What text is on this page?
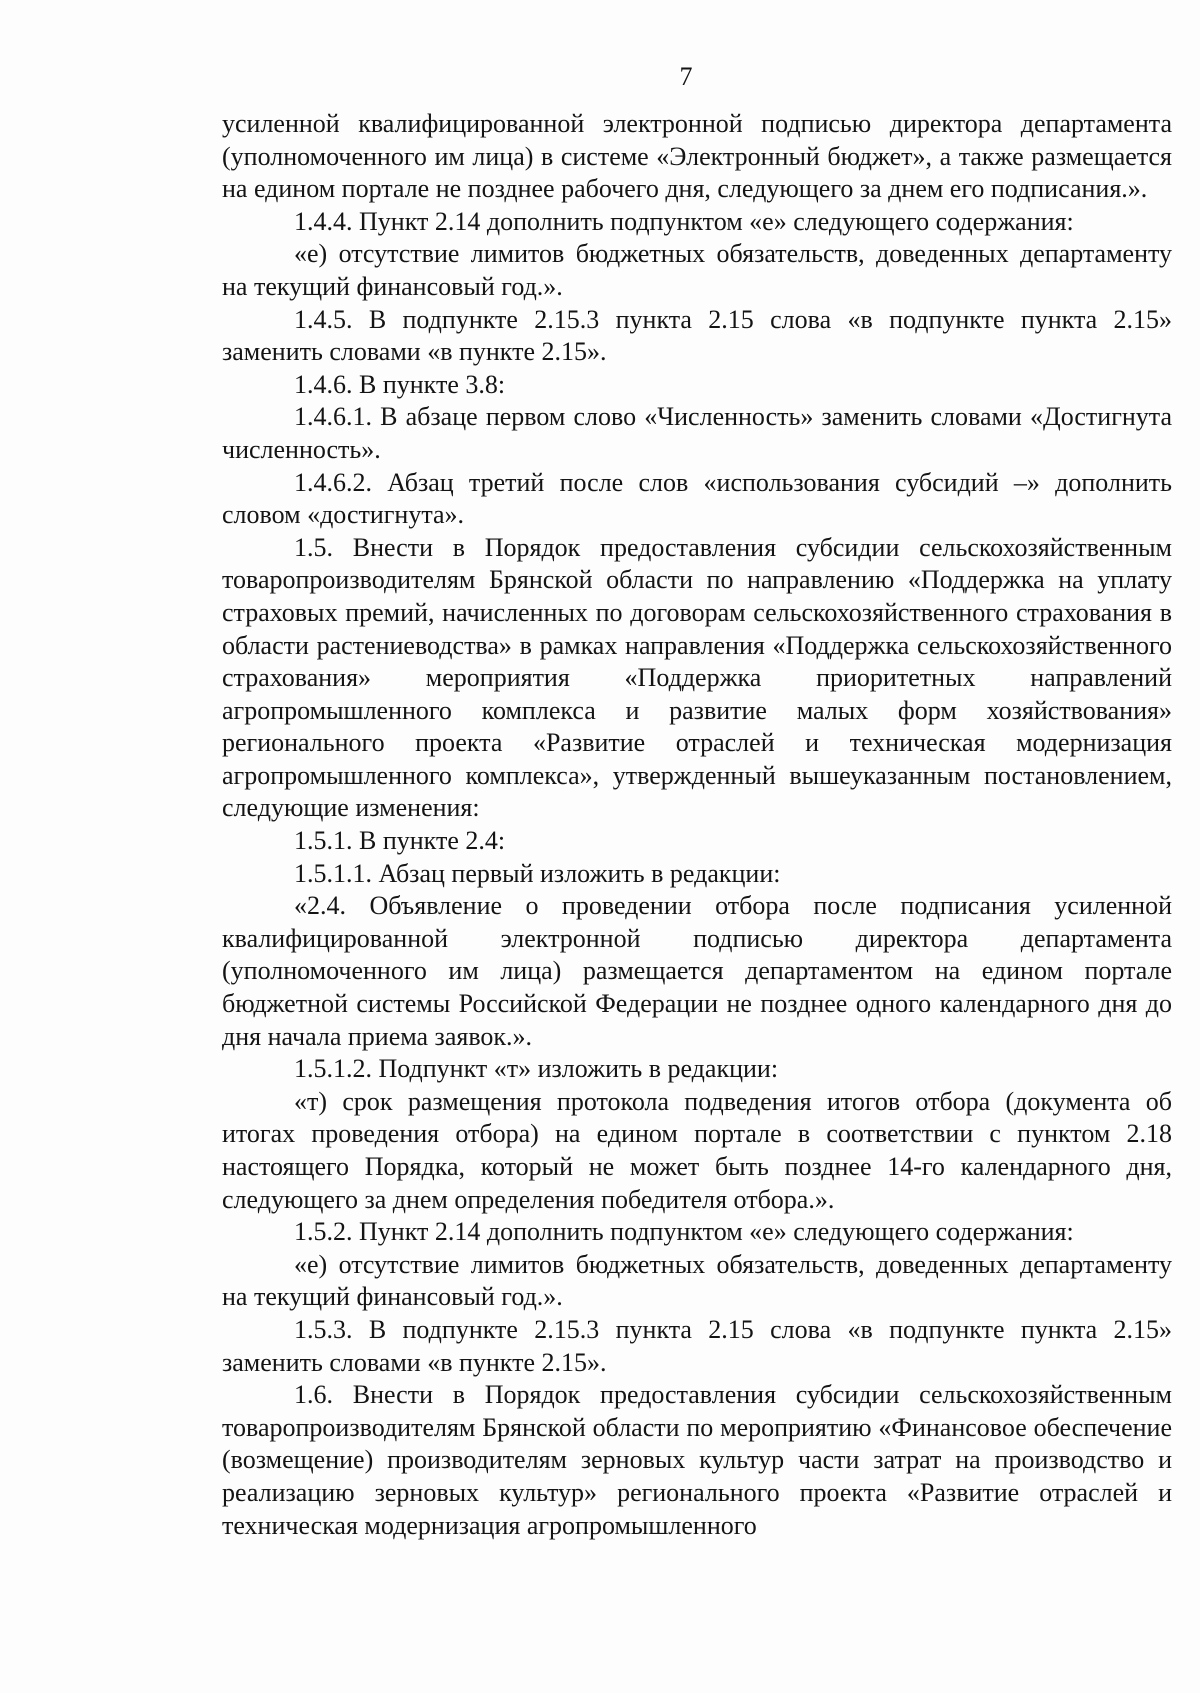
7

усиленной квалифицированной электронной подписью директора департамента (уполномоченного им лица) в системе «Электронный бюджет», а также размещается на едином портале не позднее рабочего дня, следующего за днем его подписания.».

1.4.4. Пункт 2.14 дополнить подпунктом «е» следующего содержания:

«е) отсутствие лимитов бюджетных обязательств, доведенных департаменту на текущий финансовый год.».

1.4.5. В подпункте 2.15.3 пункта 2.15 слова «в подпункте пункта 2.15» заменить словами «в пункте 2.15».

1.4.6. В пункте 3.8:

1.4.6.1. В абзаце первом слово «Численность» заменить словами «Достигнута численность».

1.4.6.2. Абзац третий после слов «использования субсидий –» дополнить словом «достигнута».

1.5. Внести в Порядок предоставления субсидии сельскохозяйственным товаропроизводителям Брянской области по направлению «Поддержка на уплату страховых премий, начисленных по договорам сельскохозяйственного страхования в области растениеводства» в рамках направления «Поддержка сельскохозяйственного страхования» мероприятия «Поддержка приоритетных направлений агропромышленного комплекса и развитие малых форм хозяйствования» регионального проекта «Развитие отраслей и техническая модернизация агропромышленного комплекса», утвержденный вышеуказанным постановлением, следующие изменения:

1.5.1. В пункте 2.4:

1.5.1.1. Абзац первый изложить в редакции:

«2.4. Объявление о проведении отбора после подписания усиленной квалифицированной электронной подписью директора департамента (уполномоченного им лица) размещается департаментом на едином портале бюджетной системы Российской Федерации не позднее одного календарного дня до дня начала приема заявок.».

1.5.1.2. Подпункт «т» изложить в редакции:

«т) срок размещения протокола подведения итогов отбора (документа об итогах проведения отбора) на едином портале в соответствии с пунктом 2.18 настоящего Порядка, который не может быть позднее 14-го календарного дня, следующего за днем определения победителя отбора.».

1.5.2. Пункт 2.14 дополнить подпунктом «е» следующего содержания:

«е) отсутствие лимитов бюджетных обязательств, доведенных департаменту на текущий финансовый год.».

1.5.3. В подпункте 2.15.3 пункта 2.15 слова «в подпункте пункта 2.15» заменить словами «в пункте 2.15».

1.6. Внести в Порядок предоставления субсидии сельскохозяйственным товаропроизводителям Брянской области по мероприятию «Финансовое обеспечение (возмещение) производителям зерновых культур части затрат на производство и реализацию зерновых культур» регионального проекта «Развитие отраслей и техническая модернизация агропромышленного
